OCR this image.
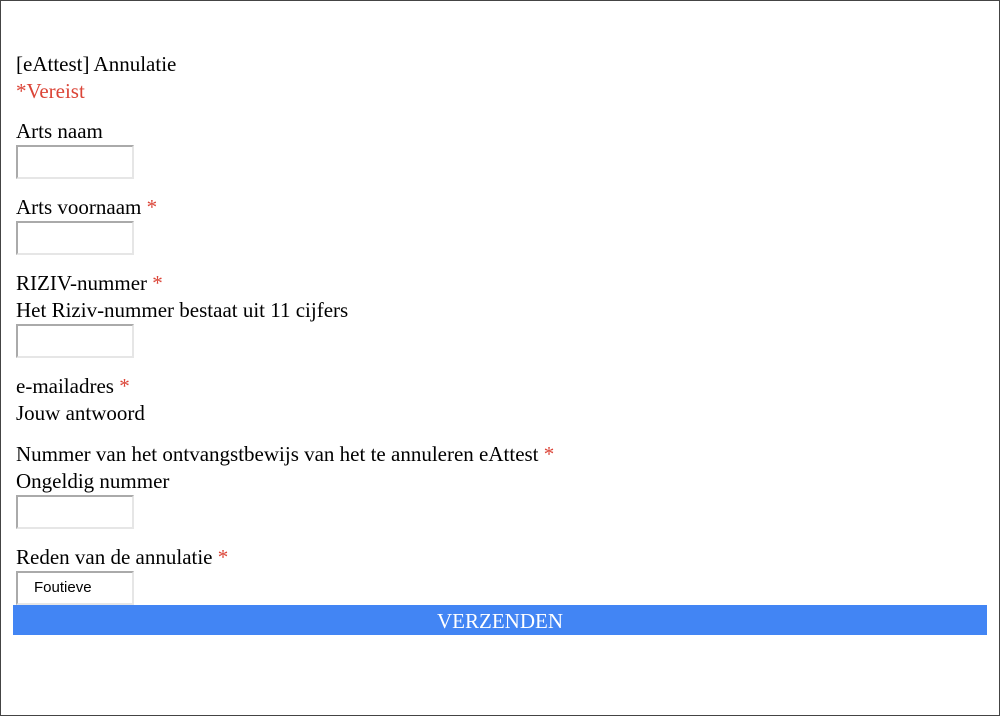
[eAttest] Annulatie
*Vereist
Arts naam
Arts voornaam *
RIZIV-nummer *
Het Riziv-nummer bestaat uit 11 cijfers
e-mailadres *
Jouw antwoord
Nummer van het ontvangstbewijs van het te annuleren eAttest *
Ongeldig nummer
Reden van de annulatie *
Foutieve
VERZENDEN
